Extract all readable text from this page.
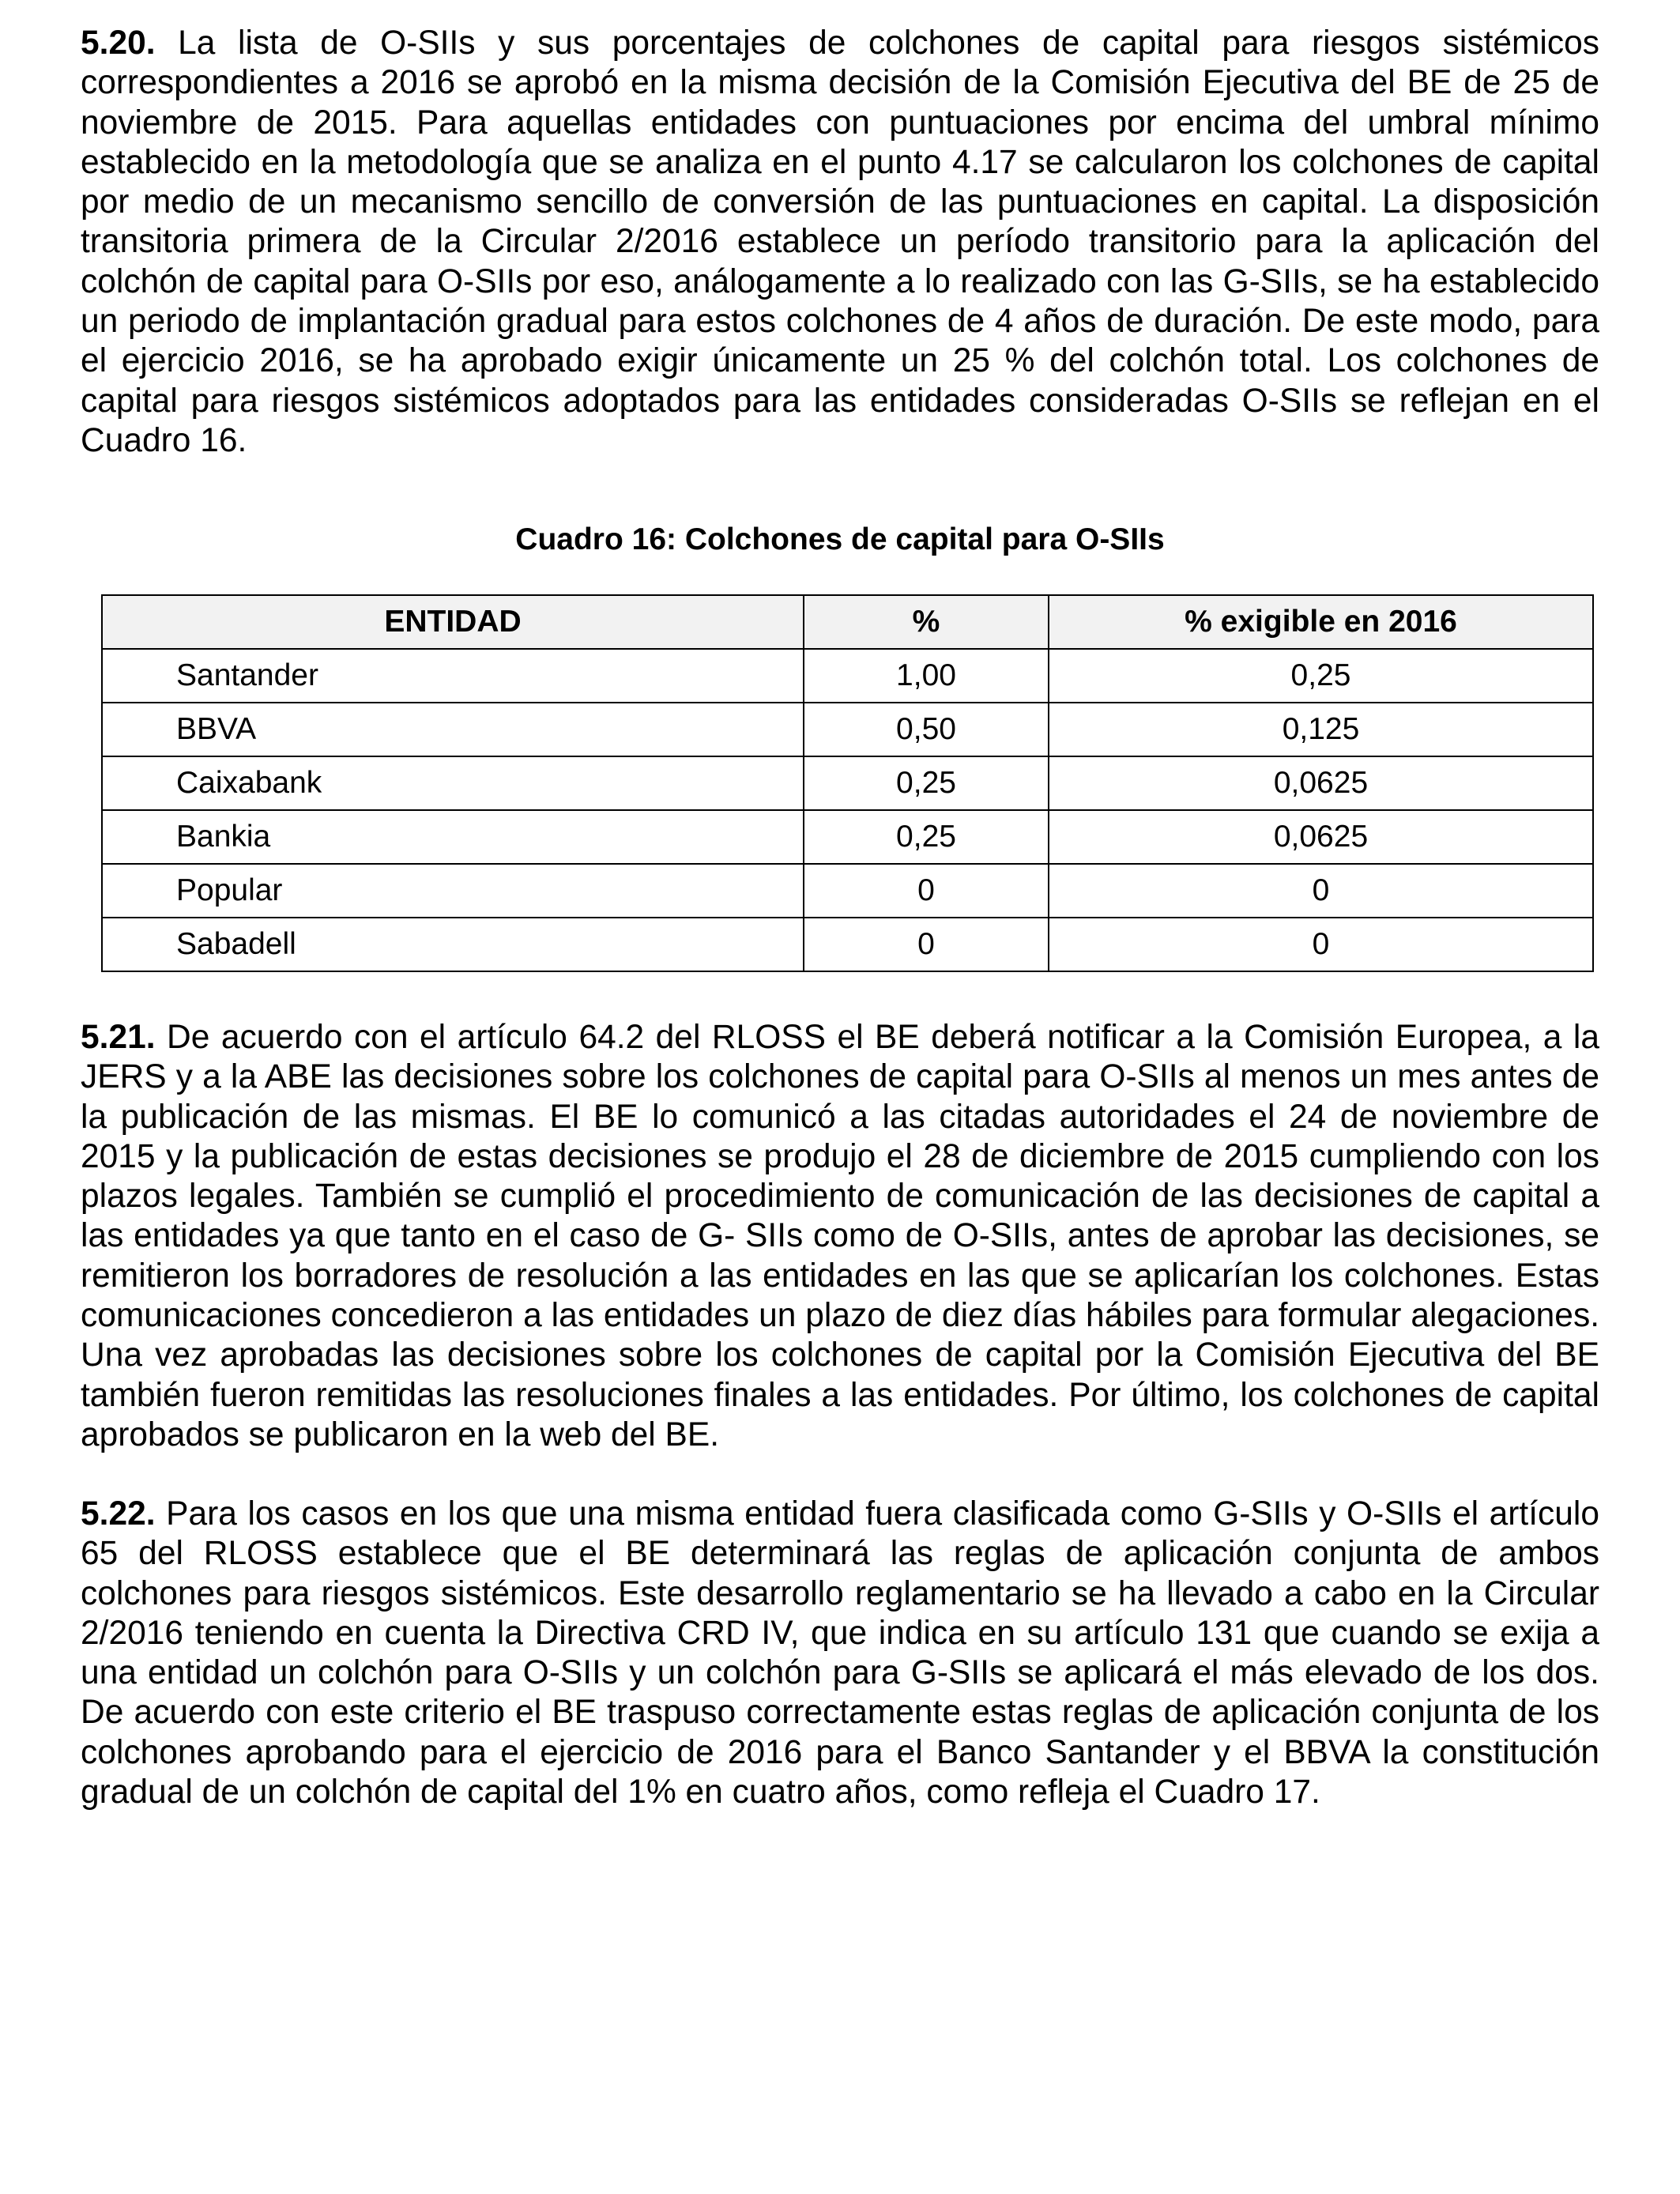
5.20. La lista de O-SIIs y sus porcentajes de colchones de capital para riesgos sistémicos correspondientes a 2016 se aprobó en la misma decisión de la Comisión Ejecutiva del BE de 25 de noviembre de 2015. Para aquellas entidades con puntuaciones por encima del umbral mínimo establecido en la metodología que se analiza en el punto 4.17 se calcularon los colchones de capital por medio de un mecanismo sencillo de conversión de las puntuaciones en capital. La disposición transitoria primera de la Circular 2/2016 establece un período transitorio para la aplicación del colchón de capital para O-SIIs por eso, análogamente a lo realizado con las G-SIIs, se ha establecido un periodo de implantación gradual para estos colchones de 4 años de duración. De este modo, para el ejercicio 2016, se ha aprobado exigir únicamente un 25 % del colchón total. Los colchones de capital para riesgos sistémicos adoptados para las entidades consideradas O-SIIs se reflejan en el Cuadro 16.

Cuadro 16: Colchones de capital para O-SIIs

ENTIDAD	%	% exigible en 2016
Santander	1,00	0,25
BBVA	0,50	0,125
Caixabank	0,25	0,0625
Bankia	0,25	0,0625
Popular	0	0
Sabadell	0	0

5.21. De acuerdo con el artículo 64.2 del RLOSS el BE deberá notificar a la Comisión Europea, a la JERS y a la ABE las decisiones sobre los colchones de capital para O-SIIs al menos un mes antes de la publicación de las mismas. El BE lo comunicó a las citadas autoridades el 24 de noviembre de 2015 y la publicación de estas decisiones se produjo el 28 de diciembre de 2015 cumpliendo con los plazos legales. También se cumplió el procedimiento de comunicación de las decisiones de capital a las entidades ya que tanto en el caso de G- SIIs como de O-SIIs, antes de aprobar las decisiones, se remitieron los borradores de resolución a las entidades en las que se aplicarían los colchones. Estas comunicaciones concedieron a las entidades un plazo de diez días hábiles para formular alegaciones. Una vez aprobadas las decisiones sobre los colchones de capital por la Comisión Ejecutiva del BE también fueron remitidas las resoluciones finales a las entidades. Por último, los colchones de capital aprobados se publicaron en la web del BE.

5.22. Para los casos en los que una misma entidad fuera clasificada como G-SIIs y O-SIIs el artículo 65 del RLOSS establece que el BE determinará las reglas de aplicación conjunta de ambos colchones para riesgos sistémicos. Este desarrollo reglamentario se ha llevado a cabo en la Circular 2/2016 teniendo en cuenta la Directiva CRD IV, que indica en su artículo 131 que cuando se exija a una entidad un colchón para O-SIIs y un colchón para G-SIIs se aplicará el más elevado de los dos. De acuerdo con este criterio el BE traspuso correctamente estas reglas de aplicación conjunta de los colchones aprobando para el ejercicio de 2016 para el Banco Santander y el BBVA la constitución gradual de un colchón de capital del 1% en cuatro años, como refleja el Cuadro 17.
